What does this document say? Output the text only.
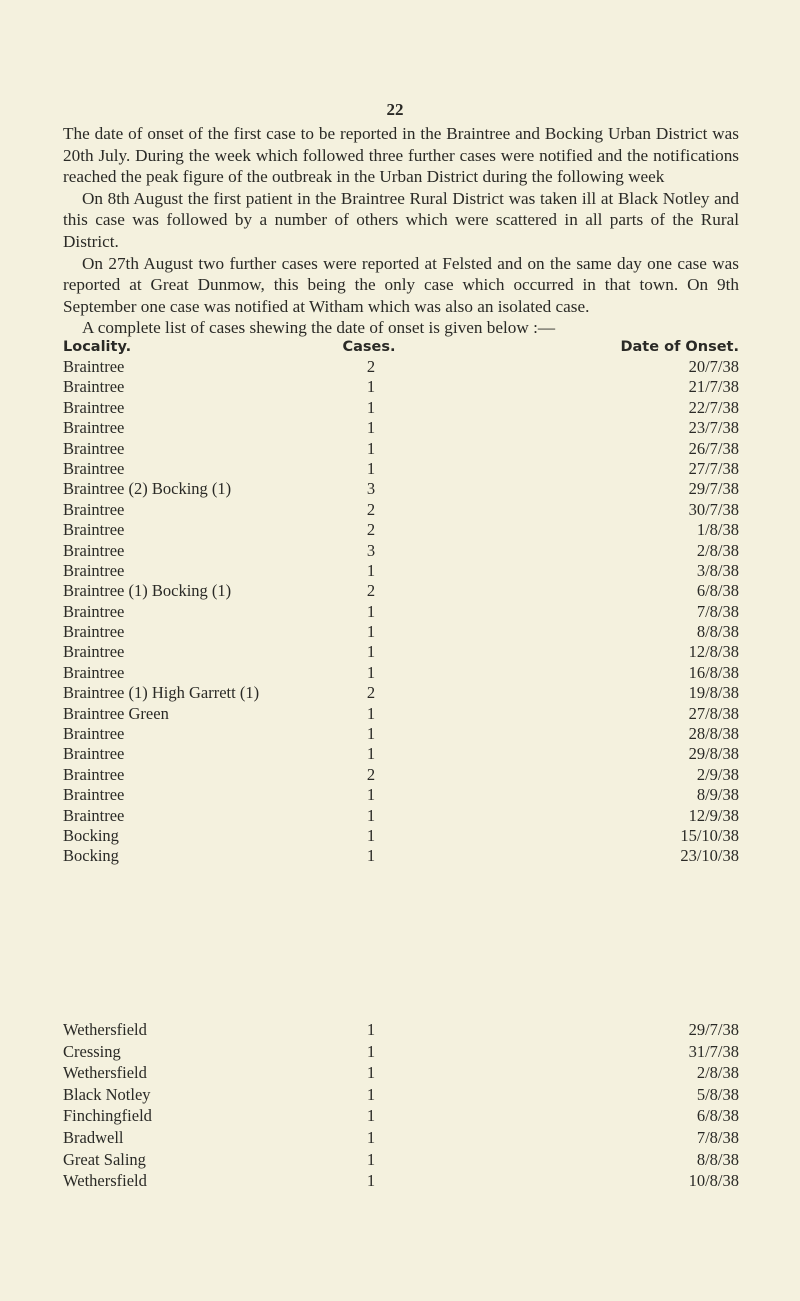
22

The date of onset of the first case to be reported in the Braintree and Bocking Urban District was 20th July. During the week which followed three further cases were notified and the notifications reached the peak figure of the outbreak in the Urban District during the following week

On 8th August the first patient in the Braintree Rural District was taken ill at Black Notley and this case was followed by a number of others which were scattered in all parts of the Rural District.

On 27th August two further cases were reported at Felsted and on the same day one case was reported at Great Dunmow, this being the only case which occurred in that town. On 9th September one case was notified at Witham which was also an isolated case.

A complete list of cases shewing the date of onset is given below :—

Locality.	Cases.	Date of Onset.
Braintree	2	20/7/38
Braintree	1	21/7/38
Braintree	1	22/7/38
Braintree	1	23/7/38
Braintree	1	26/7/38
Braintree	1	27/7/38
Braintree (2) Bocking (1)	3	29/7/38
Braintree	2	30/7/38
Braintree	2	1/8/38
Braintree	3	2/8/38
Braintree	1	3/8/38
Braintree (1) Bocking (1)	2	6/8/38
Braintree	1	7/8/38
Braintree	1	8/8/38
Braintree	1	12/8/38
Braintree	1	16/8/38
Braintree (1) High Garrett (1)	2	19/8/38
Braintree Green	1	27/8/38
Braintree	1	28/8/38
Braintree	1	29/8/38
Braintree	2	2/9/38
Braintree	1	8/9/38
Braintree	1	12/9/38
Bocking	1	15/10/38
Bocking	1	23/10/38
Wethersfield	1	29/7/38
Cressing	1	31/7/38
Wethersfield	1	2/8/38
Black Notley	1	5/8/38
Finchingfield	1	6/8/38
Bradwell	1	7/8/38
Great Saling	1	8/8/38
Wethersfield	1	10/8/38
